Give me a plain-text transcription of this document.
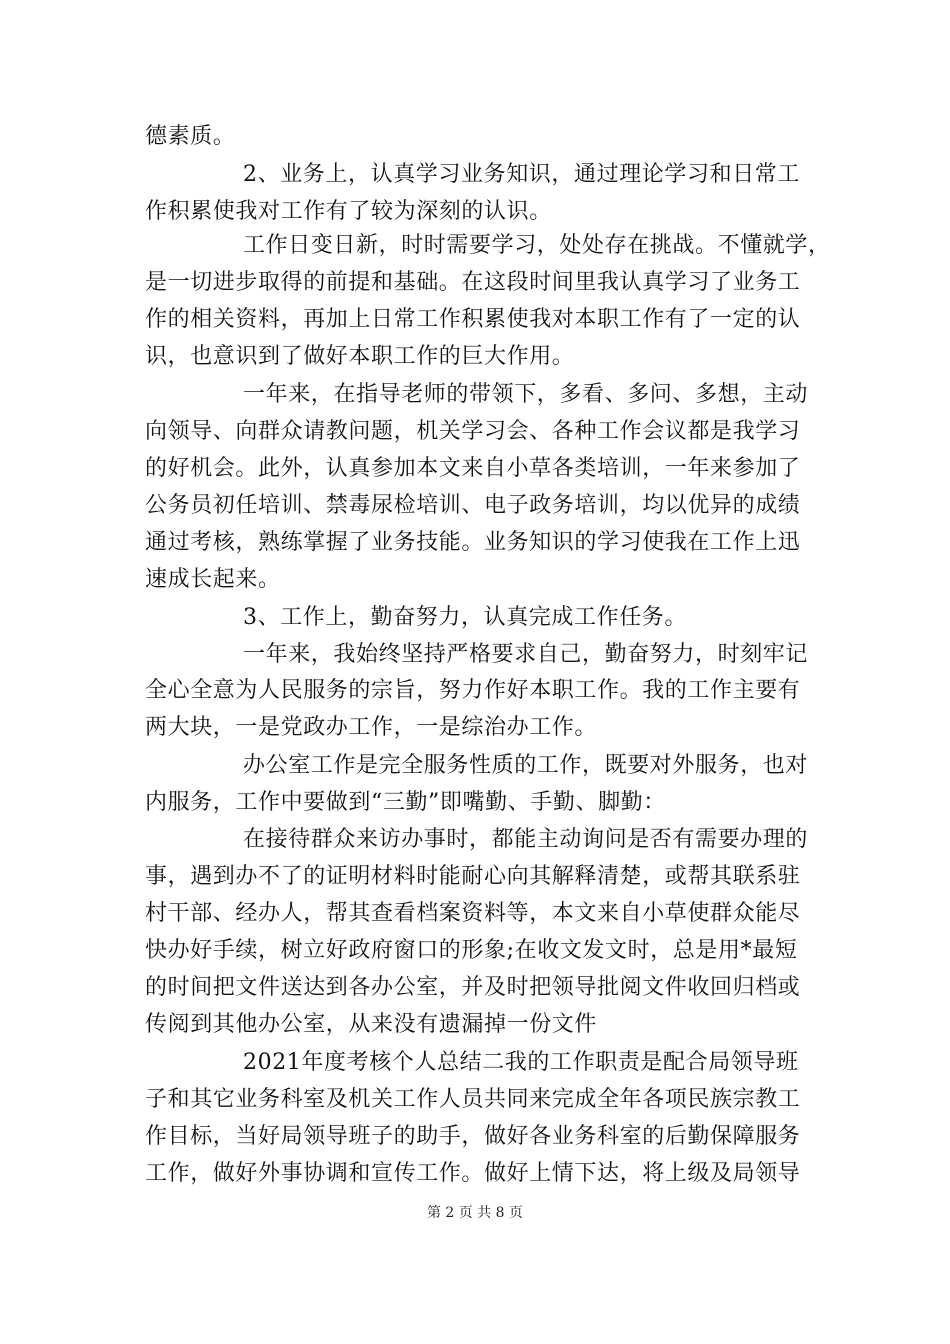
德素质。
2、业务上，认真学习业务知识，通过理论学习和日常工
作积累使我对工作有了较为深刻的认识。
工作日变日新，时时需要学习，处处存在挑战。不懂就学，
是一切进步取得的前提和基础。在这段时间里我认真学习了业务工
作的相关资料，再加上日常工作积累使我对本职工作有了一定的认
识，也意识到了做好本职工作的巨大作用。
一年来，在指导老师的带领下，多看、多问、多想，主动
向领导、向群众请教问题，机关学习会、各种工作会议都是我学习
的好机会。此外，认真参加本文来自小草各类培训，一年来参加了
公务员初任培训、禁毒尿检培训、电子政务培训，均以优异的成绩
通过考核，熟练掌握了业务技能。业务知识的学习使我在工作上迅
速成长起来。
3、工作上，勤奋努力，认真完成工作任务。
一年来，我始终坚持严格要求自己，勤奋努力，时刻牢记
全心全意为人民服务的宗旨，努力作好本职工作。我的工作主要有
两大块，一是党政办工作，一是综治办工作。
办公室工作是完全服务性质的工作，既要对外服务，也对
内服务，工作中要做到“三勤”即嘴勤、手勤、脚勤：
在接待群众来访办事时，都能主动询问是否有需要办理的
事，遇到办不了的证明材料时能耐心向其解释清楚，或帮其联系驻
村干部、经办人，帮其查看档案资料等，本文来自小草使群众能尽
快办好手续，树立好政府窗口的形象;在收文发文时，总是用*最短
的时间把文件送达到各办公室，并及时把领导批阅文件收回归档或
传阅到其他办公室，从来没有遗漏掉一份文件
2021年度考核个人总结二我的工作职责是配合局领导班
子和其它业务科室及机关工作人员共同来完成全年各项民族宗教工
作目标，当好局领导班子的助手，做好各业务科室的后勤保障服务
工作，做好外事协调和宣传工作。做好上情下达，将上级及局领导
第 2 页 共 8 页
